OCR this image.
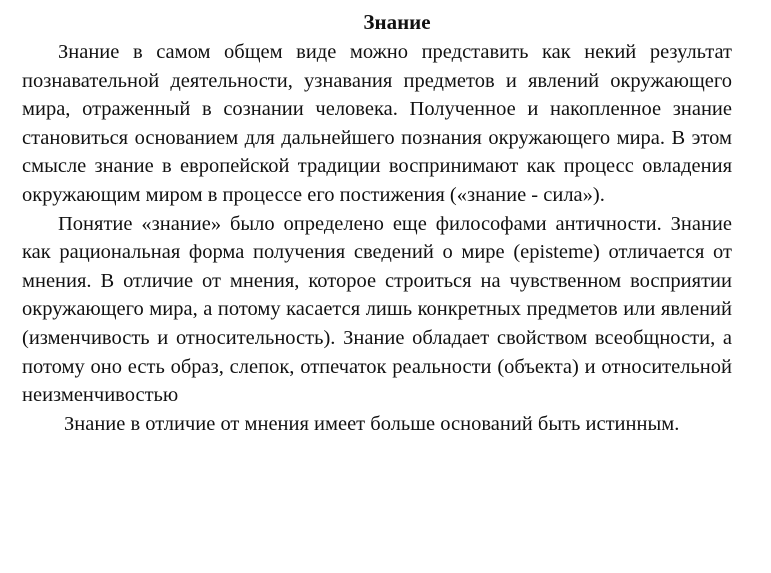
Знание

Знание в самом общем виде можно представить как некий результат познавательной деятельности, узнавания предметов и явлений окружающего мира, отраженный в сознании человека. Полученное и накопленное знание становиться основанием для дальнейшего познания окружающего мира. В этом смысле знание в европейской традиции воспринимают как процесс овладения окружающим миром в процессе его постижения («знание - сила»).

Понятие «знание» было определено еще философами античности. Знание как рациональная форма получения сведений о мире (episteme) отличается от мнения. В отличие от мнения, которое строиться на чувственном восприятии окружающего мира, а потому касается лишь конкретных предметов или явлений (изменчивость и относительность). Знание обладает свойством всеобщности, а потому оно есть образ, слепок, отпечаток реальности (объекта) и относительной неизменчивостью

Знание в отличие от мнения имеет больше оснований быть истинным.
